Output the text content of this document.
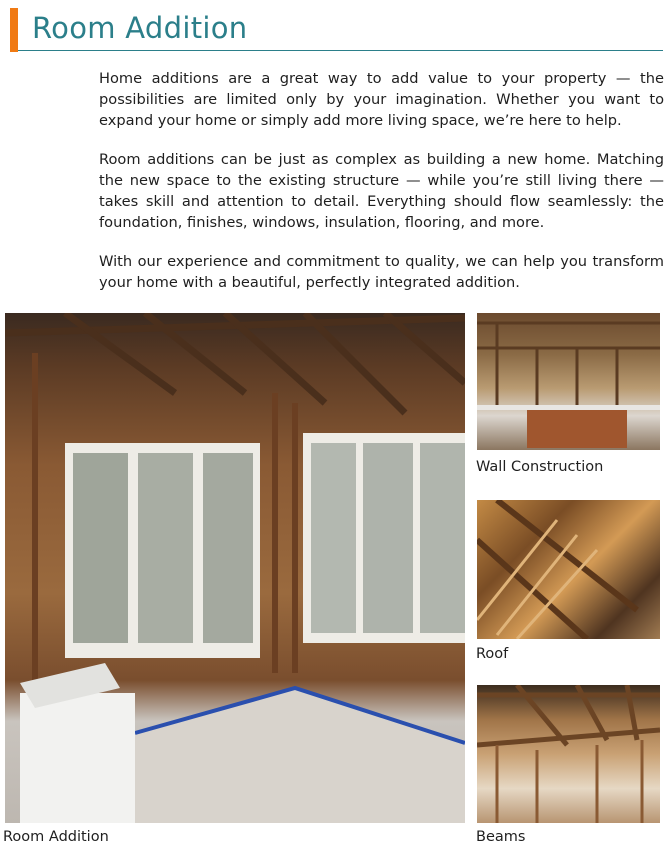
Room Addition

Home additions are a great way to add value to your property — the possibilities are limited only by your imagination. Whether you want to expand your home or simply add more living space, we’re here to help.

Room additions can be just as complex as building a new home. Matching the new space to the existing structure — while you’re still living there — takes skill and attention to detail. Everything should flow seamlessly: the foundation, finishes, windows, insulation, flooring, and more.

With our experience and commitment to quality, we can help you transform your home with a beautiful, perfectly integrated addition.

Room Addition
Wall Construction
Roof
Beams
